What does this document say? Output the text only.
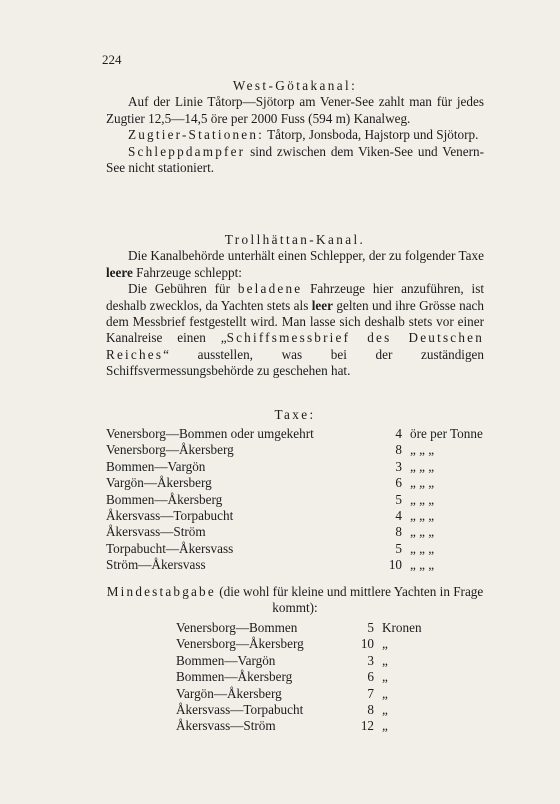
224
West-Götakanal:

Auf der Linie Tåtorp—Sjötorp am Vener-See zahlt man für jedes Zugtier 12,5—14,5 öre per 2000 Fuss (594 m) Kanalweg.

Zugtier-Stationen: Tåtorp, Jonsboda, Hajstorp und Sjötorp.

Schleppdampfer sind zwischen dem Viken-See und Venern-See nicht stationiert.

Trollhättan-Kanal.

Die Kanalbehörde unterhält einen Schlepper, der zu folgender Taxe leere Fahrzeuge schleppt:

Die Gebühren für beladene Fahrzeuge hier anzuführen, ist deshalb zwecklos, da Yachten stets als leer gelten und ihre Grösse nach dem Messbrief festgestellt wird. Man lasse sich deshalb stets vor einer Kanalreise einen „Schiffsmessbrief des Deutschen Reiches“ ausstellen, was bei der zuständigen Schiffsvermessungsbehörde zu geschehen hat.

Taxe:
Venersborg—Bommen oder umgekehrt	4	öre per Tonne
Venersborg—Åkersberg	8	„ „ „
Bommen—Vargön	3	„ „ „
Vargön—Åkersberg	6	„ „ „
Bommen—Åkersberg	5	„ „ „
Åkersvass—Torpabucht	4	„ „ „
Åkersvass—Ström	8	„ „ „
Torpabucht—Åkersvass	5	„ „ „
Ström—Åkersvass	10	„ „ „

Mindestabgabe (die wohl für kleine und mittlere Yachten in Frage kommt):

Venersborg—Bommen	5	Kronen
Venersborg—Åkersberg	10	„
Bommen—Vargön	3	„
Bommen—Åkersberg	6	„
Vargön—Åkersberg	7	„
Åkersvass—Torpabucht	8	„
Åkersvass—Ström	12	„
